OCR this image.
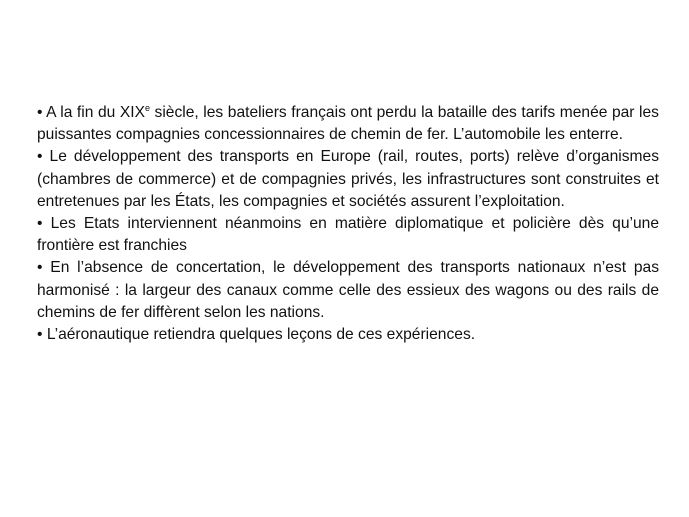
• A la fin du XIXe siècle, les bateliers français ont perdu la bataille des tarifs menée par les puissantes compagnies concessionnaires de chemin de fer. L’automobile les enterre.

• Le développement des transports en Europe (rail, routes, ports) relève d’organismes (chambres de commerce) et de compagnies privés, les infrastructures sont construites et entretenues par les États, les compagnies et sociétés assurent l’exploitation.

• Les Etats interviennent néanmoins en matière diplomatique et policière dès qu’une frontière est franchies

• En l’absence de concertation, le développement des transports nationaux n’est pas harmonisé : la largeur des canaux comme celle des essieux des wagons ou des rails de chemins de fer diffèrent selon les nations.

• L’aéronautique retiendra quelques leçons de ces expériences.
